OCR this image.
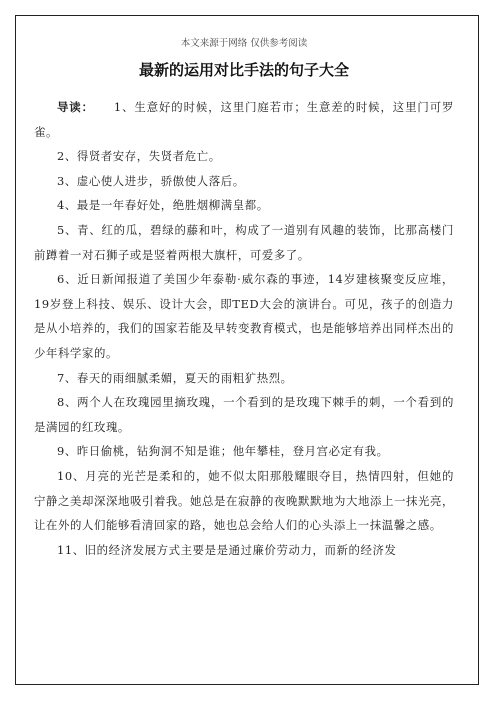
本文来源于网络 仅供参考阅读
最新的运用对比手法的句子大全

导读： 1、生意好的时候，这里门庭若市；生意差的时候，这里门可罗雀。

2、得贤者安存，失贤者危亡。

3、虚心使人进步，骄傲使人落后。

4、最是一年春好处，绝胜烟柳满皇都。

5、青、红的瓜，碧绿的藤和叶，构成了一道别有风趣的装饰，比那高楼门前蹲着一对石狮子或是竖着两根大旗杆，可爱多了。

6、近日新闻报道了美国少年泰勒·威尔森的事迹，14岁建核聚变反应堆，19岁登上科技、娱乐、设计大会，即TED大会的演讲台。可见，孩子的创造力是从小培养的，我们的国家若能及早转变教育模式，也是能够培养出同样杰出的少年科学家的。

7、春天的雨细腻柔媚，夏天的雨粗犷热烈。

8、两个人在玫瑰园里摘玫瑰，一个看到的是玫瑰下棘手的刺，一个看到的是满园的红玫瑰。

9、昨日偷桃，钻狗洞不知是谁；他年攀桂，登月宫必定有我。

10、月亮的光芒是柔和的，她不似太阳那般耀眼夺目，热情四射，但她的宁静之美却深深地吸引着我。她总是在寂静的夜晚默默地为大地添上一抹光亮，让在外的人们能够看清回家的路，她也总会给人们的心头添上一抹温馨之感。

11、旧的经济发展方式主要是是通过廉价劳动力，而新的经济发
